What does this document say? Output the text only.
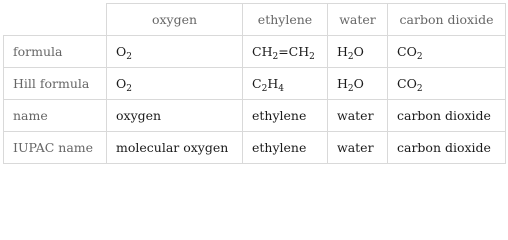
	oxygen	ethylene	water	carbon dioxide
formula	$O_2$	$CH_2=CH_2$	$H_2O$	$CO_2$
Hill formula	$O_2$	$C_2H_4$	$H_2O$	$CO_2$
name	oxygen	ethylene	water	carbon dioxide
IUPAC name	molecular oxygen	ethylene	water	carbon dioxide
